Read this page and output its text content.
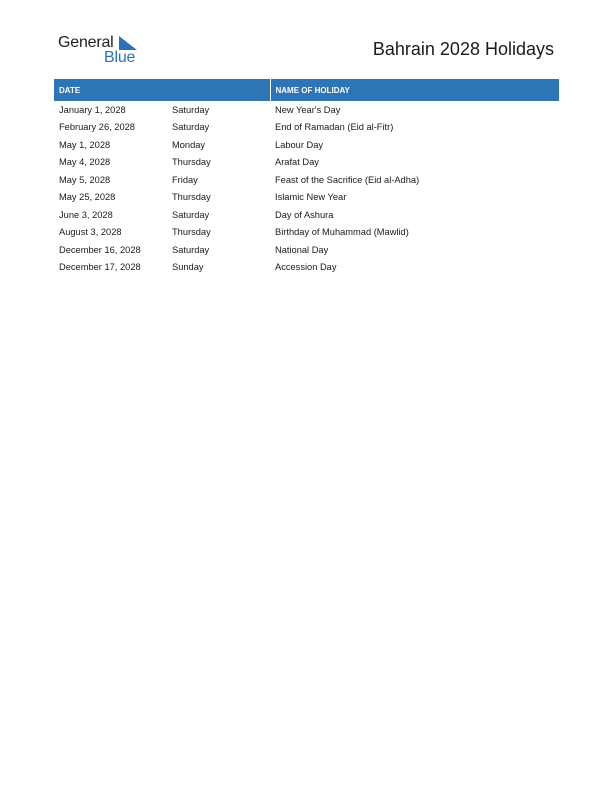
General
Blue	Bahrain 2028 Holidays
DATE		NAME OF HOLIDAY
January 1, 2028	Saturday	New Year's Day
February 26, 2028	Saturday	End of Ramadan (Eid al-Fitr)
May 1, 2028	Monday	Labour Day
May 4, 2028	Thursday	Arafat Day
May 5, 2028	Friday	Feast of the Sacrifice (Eid al-Adha)
May 25, 2028	Thursday	Islamic New Year
June 3, 2028	Saturday	Day of Ashura
August 3, 2028	Thursday	Birthday of Muhammad (Mawlid)
December 16, 2028	Saturday	National Day
December 17, 2028	Sunday	Accession Day
